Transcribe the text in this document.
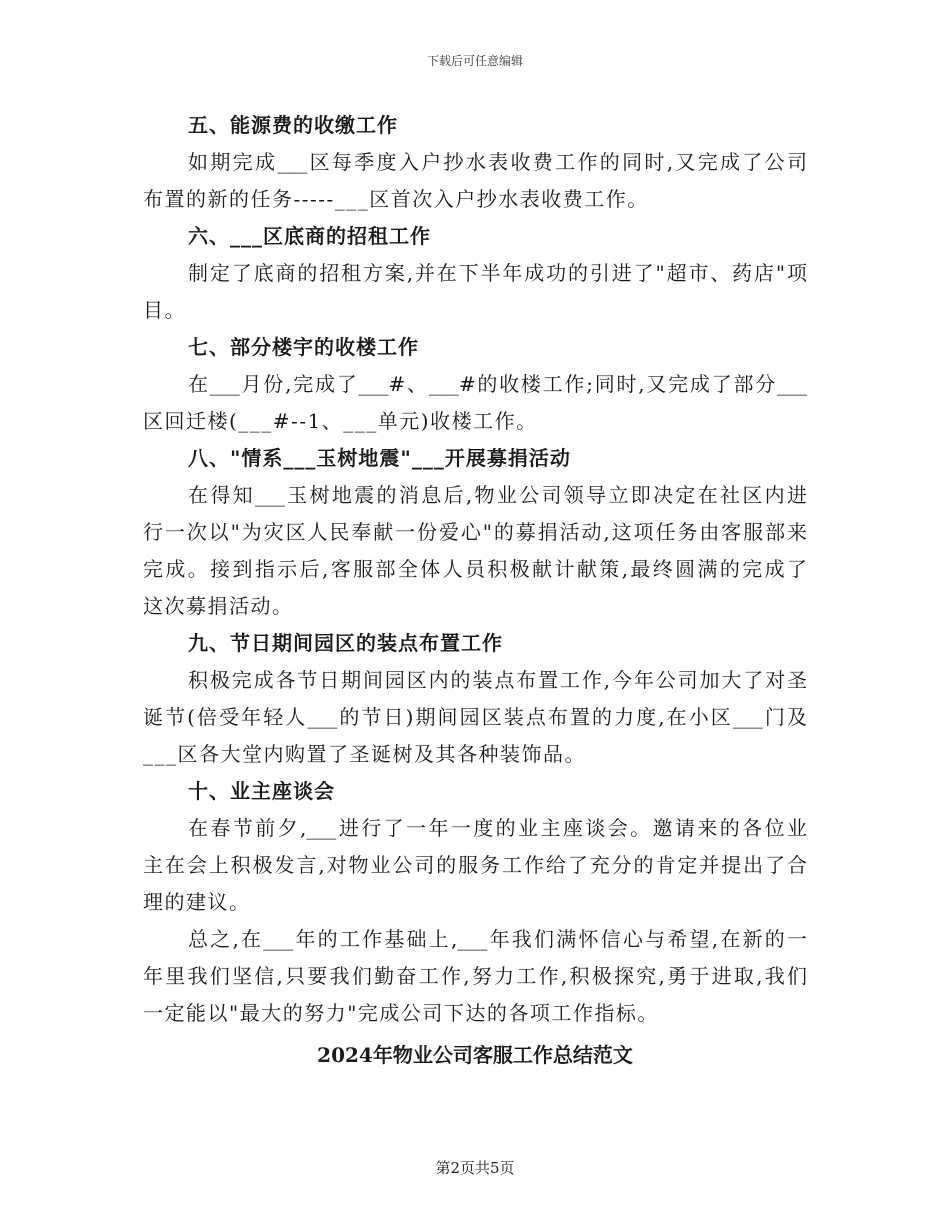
下载后可任意编辑
五、能源费的收缴工作
如期完成___区每季度入户抄水表收费工作的同时,又完成了公司
布置的新的任务-----___区首次入户抄水表收费工作。
六、___区底商的招租工作
制定了底商的招租方案,并在下半年成功的引进了"超市、药店"项
目。
七、部分楼宇的收楼工作
在___月份,完成了___#、___#的收楼工作;同时,又完成了部分___
区回迁楼(___#--1、___单元)收楼工作。
八、"情系___玉树地震"___开展募捐活动
在得知___玉树地震的消息后,物业公司领导立即决定在社区内进
行一次以"为灾区人民奉献一份爱心"的募捐活动,这项任务由客服部来
完成。接到指示后,客服部全体人员积极献计献策,最终圆满的完成了
这次募捐活动。
九、节日期间园区的装点布置工作
积极完成各节日期间园区内的装点布置工作,今年公司加大了对圣
诞节(倍受年轻人___的节日)期间园区装点布置的力度,在小区___门及
___区各大堂内购置了圣诞树及其各种装饰品。
十、业主座谈会
在春节前夕,___进行了一年一度的业主座谈会。邀请来的各位业
主在会上积极发言,对物业公司的服务工作给了充分的肯定并提出了合
理的建议。
总之,在___年的工作基础上,___年我们满怀信心与希望,在新的一
年里我们坚信,只要我们勤奋工作,努力工作,积极探究,勇于进取,我们
一定能以"最大的努力"完成公司下达的各项工作指标。
2024年物业公司客服工作总结范文
第2页共5页
